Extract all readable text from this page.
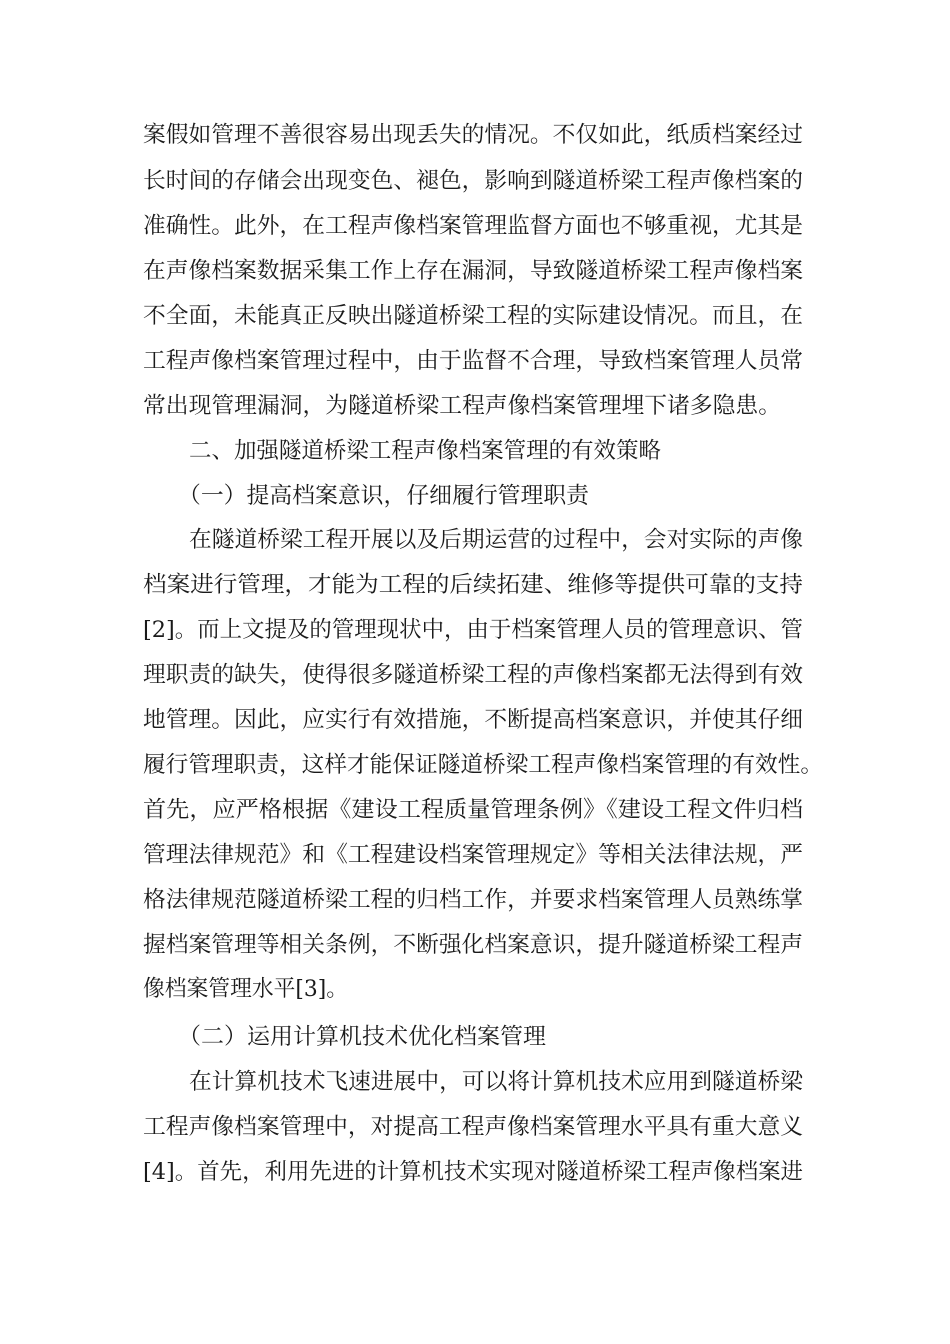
案假如管理不善很容易出现丢失的情况。不仅如此，纸质档案经过
长时间的存储会出现变色、褪色，影响到隧道桥梁工程声像档案的
准确性。此外，在工程声像档案管理监督方面也不够重视，尤其是
在声像档案数据采集工作上存在漏洞，导致隧道桥梁工程声像档案
不全面，未能真正反映出隧道桥梁工程的实际建设情况。而且，在
工程声像档案管理过程中，由于监督不合理，导致档案管理人员常
常出现管理漏洞，为隧道桥梁工程声像档案管理埋下诸多隐患。
二、加强隧道桥梁工程声像档案管理的有效策略
（一）提高档案意识，仔细履行管理职责
在隧道桥梁工程开展以及后期运营的过程中，会对实际的声像
档案进行管理，才能为工程的后续拓建、维修等提供可靠的支持
[2]。而上文提及的管理现状中，由于档案管理人员的管理意识、管
理职责的缺失，使得很多隧道桥梁工程的声像档案都无法得到有效
地管理。因此，应实行有效措施，不断提高档案意识，并使其仔细
履行管理职责，这样才能保证隧道桥梁工程声像档案管理的有效性。
首先，应严格根据《建设工程质量管理条例》《建设工程文件归档
管理法律规范》和《工程建设档案管理规定》等相关法律法规，严
格法律规范隧道桥梁工程的归档工作，并要求档案管理人员熟练掌
握档案管理等相关条例，不断强化档案意识，提升隧道桥梁工程声
像档案管理水平[3]。
（二）运用计算机技术优化档案管理
在计算机技术飞速进展中，可以将计算机技术应用到隧道桥梁
工程声像档案管理中，对提高工程声像档案管理水平具有重大意义
[4]。首先，利用先进的计算机技术实现对隧道桥梁工程声像档案进
